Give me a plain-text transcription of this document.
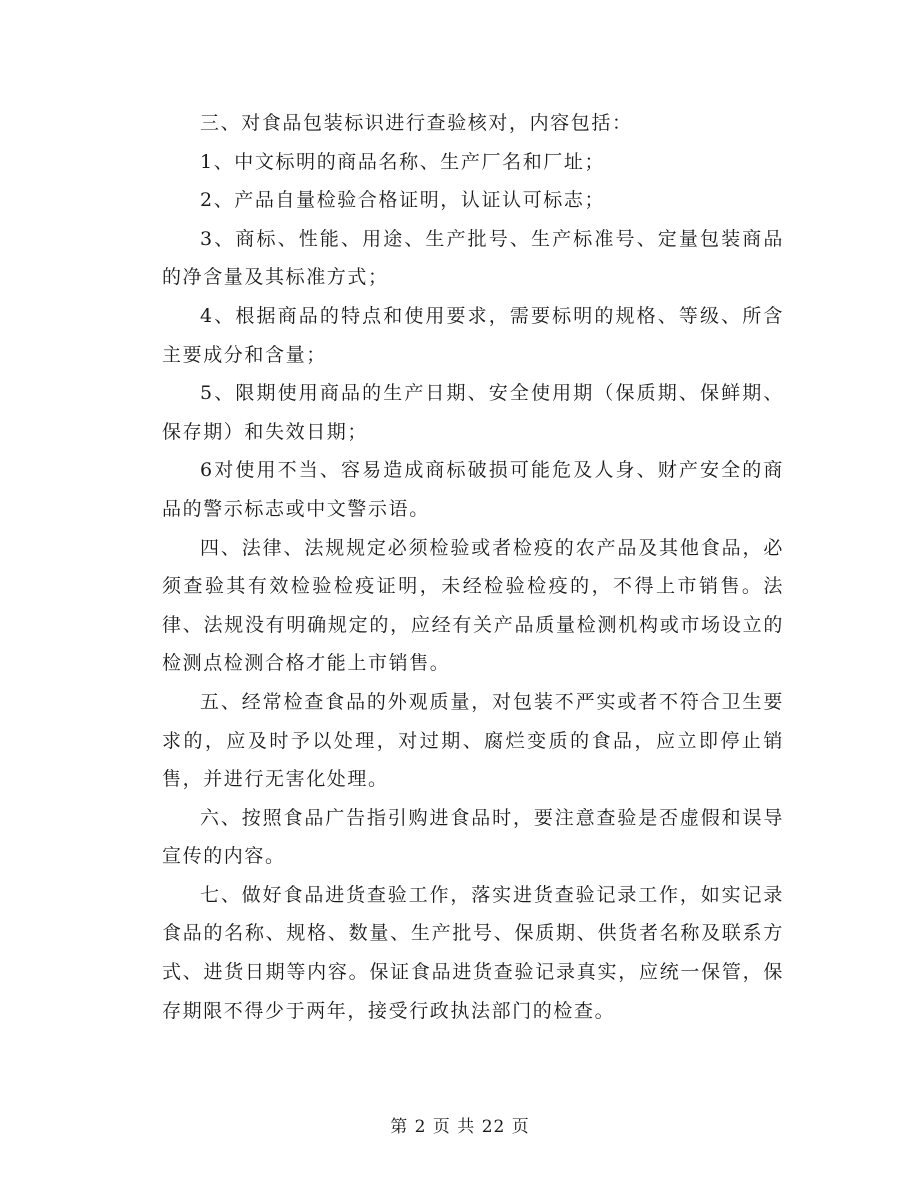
三、对食品包装标识进行查验核对，内容包括：

1、中文标明的商品名称、生产厂名和厂址；

2、产品自量检验合格证明，认证认可标志；

3、商标、性能、用途、生产批号、生产标准号、定量包装商品的净含量及其标准方式；

4、根据商品的特点和使用要求，需要标明的规格、等级、所含主要成分和含量；

5、限期使用商品的生产日期、安全使用期（保质期、保鲜期、保存期）和失效日期；

6对使用不当、容易造成商标破损可能危及人身、财产安全的商品的警示标志或中文警示语。

四、法律、法规规定必须检验或者检疫的农产品及其他食品，必须查验其有效检验检疫证明，未经检验检疫的，不得上市销售。法律、法规没有明确规定的，应经有关产品质量检测机构或市场设立的检测点检测合格才能上市销售。

五、经常检查食品的外观质量，对包装不严实或者不符合卫生要求的，应及时予以处理，对过期、腐烂变质的食品，应立即停止销售，并进行无害化处理。

六、按照食品广告指引购进食品时，要注意查验是否虚假和误导宣传的内容。

七、做好食品进货查验工作，落实进货查验记录工作，如实记录食品的名称、规格、数量、生产批号、保质期、供货者名称及联系方式、进货日期等内容。保证食品进货查验记录真实，应统一保管，保存期限不得少于两年，接受行政执法部门的检查。

第 2 页 共 22 页
